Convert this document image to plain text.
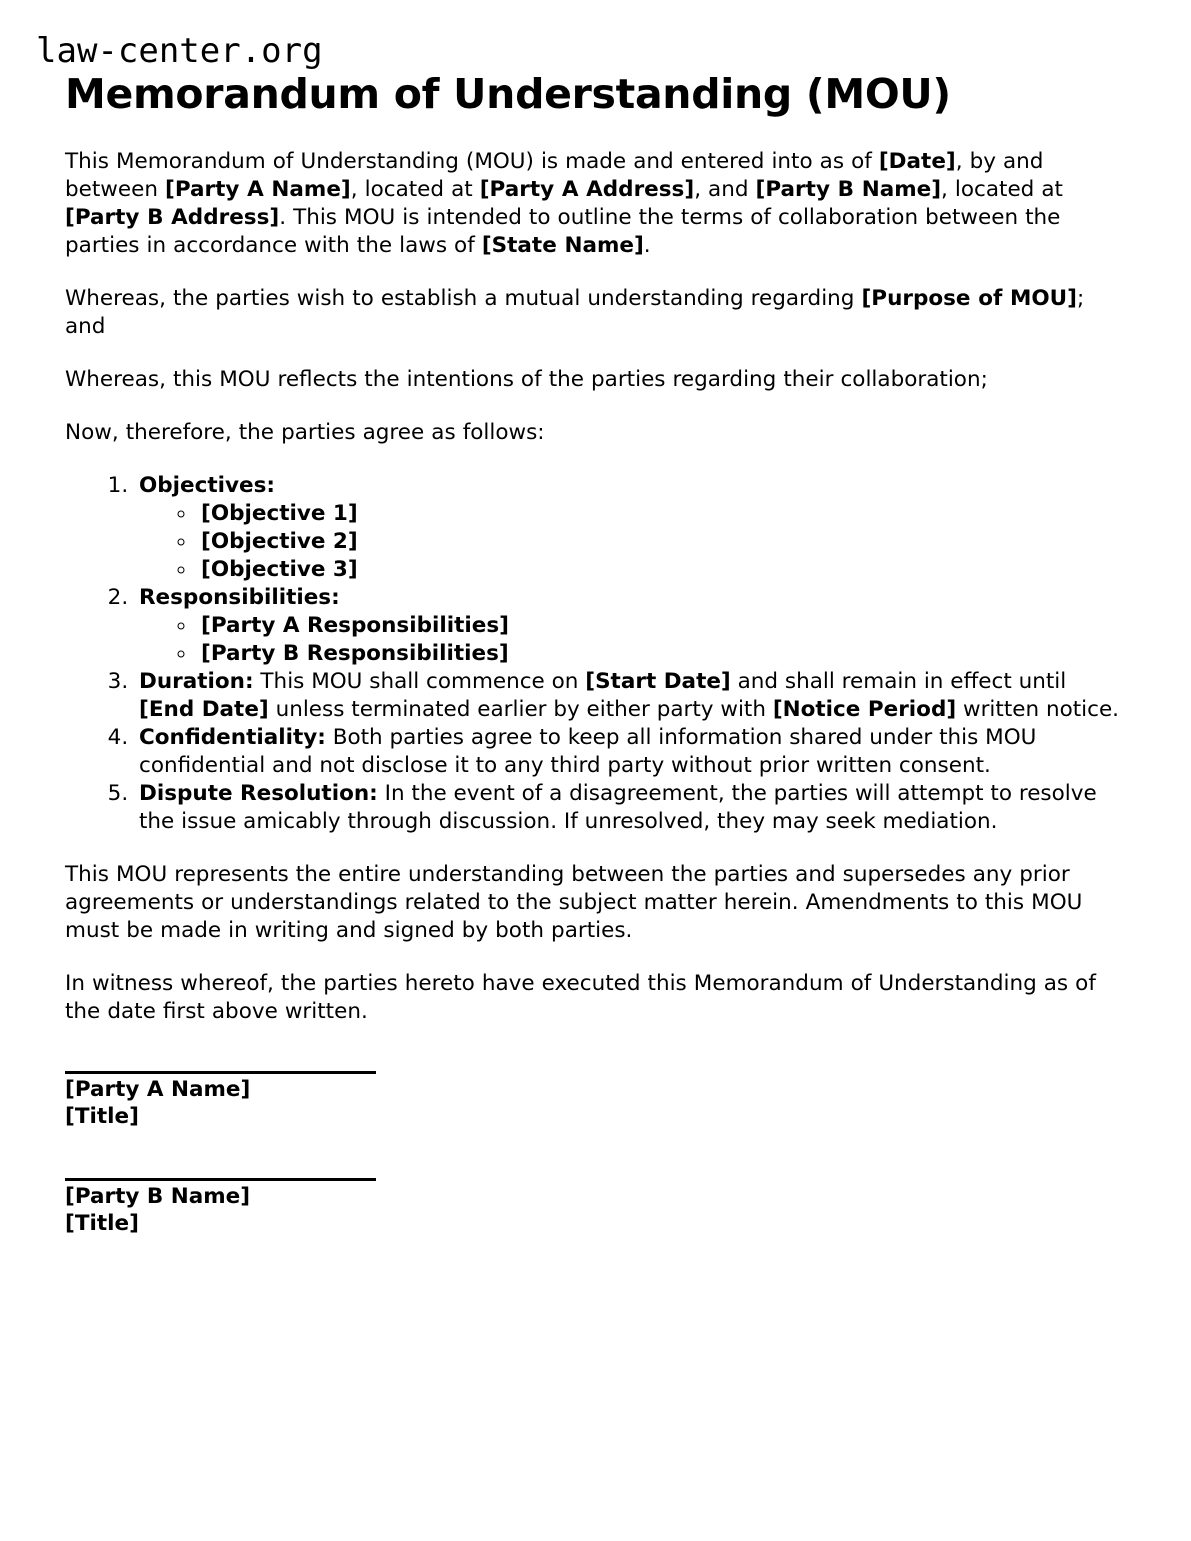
law-center.org
Memorandum of Understanding (MOU)

This Memorandum of Understanding (MOU) is made and entered into as of [Date], by and between [Party A Name], located at [Party A Address], and [Party B Name], located at [Party B Address]. This MOU is intended to outline the terms of collaboration between the parties in accordance with the laws of [State Name].

Whereas, the parties wish to establish a mutual understanding regarding [Purpose of MOU]; and

Whereas, this MOU reflects the intentions of the parties regarding their collaboration;

Now, therefore, the parties agree as follows:

1. Objectives:
◦ [Objective 1]
◦ [Objective 2]
◦ [Objective 3]
2. Responsibilities:
◦ [Party A Responsibilities]
◦ [Party B Responsibilities]
3. Duration: This MOU shall commence on [Start Date] and shall remain in effect until [End Date] unless terminated earlier by either party with [Notice Period] written notice.
4. Confidentiality: Both parties agree to keep all information shared under this MOU confidential and not disclose it to any third party without prior written consent.
5. Dispute Resolution: In the event of a disagreement, the parties will attempt to resolve the issue amicably through discussion. If unresolved, they may seek mediation.

This MOU represents the entire understanding between the parties and supersedes any prior agreements or understandings related to the subject matter herein. Amendments to this MOU must be made in writing and signed by both parties.

In witness whereof, the parties hereto have executed this Memorandum of Understanding as of the date first above written.

[Party A Name]

[Title]

[Party B Name]

[Title]
